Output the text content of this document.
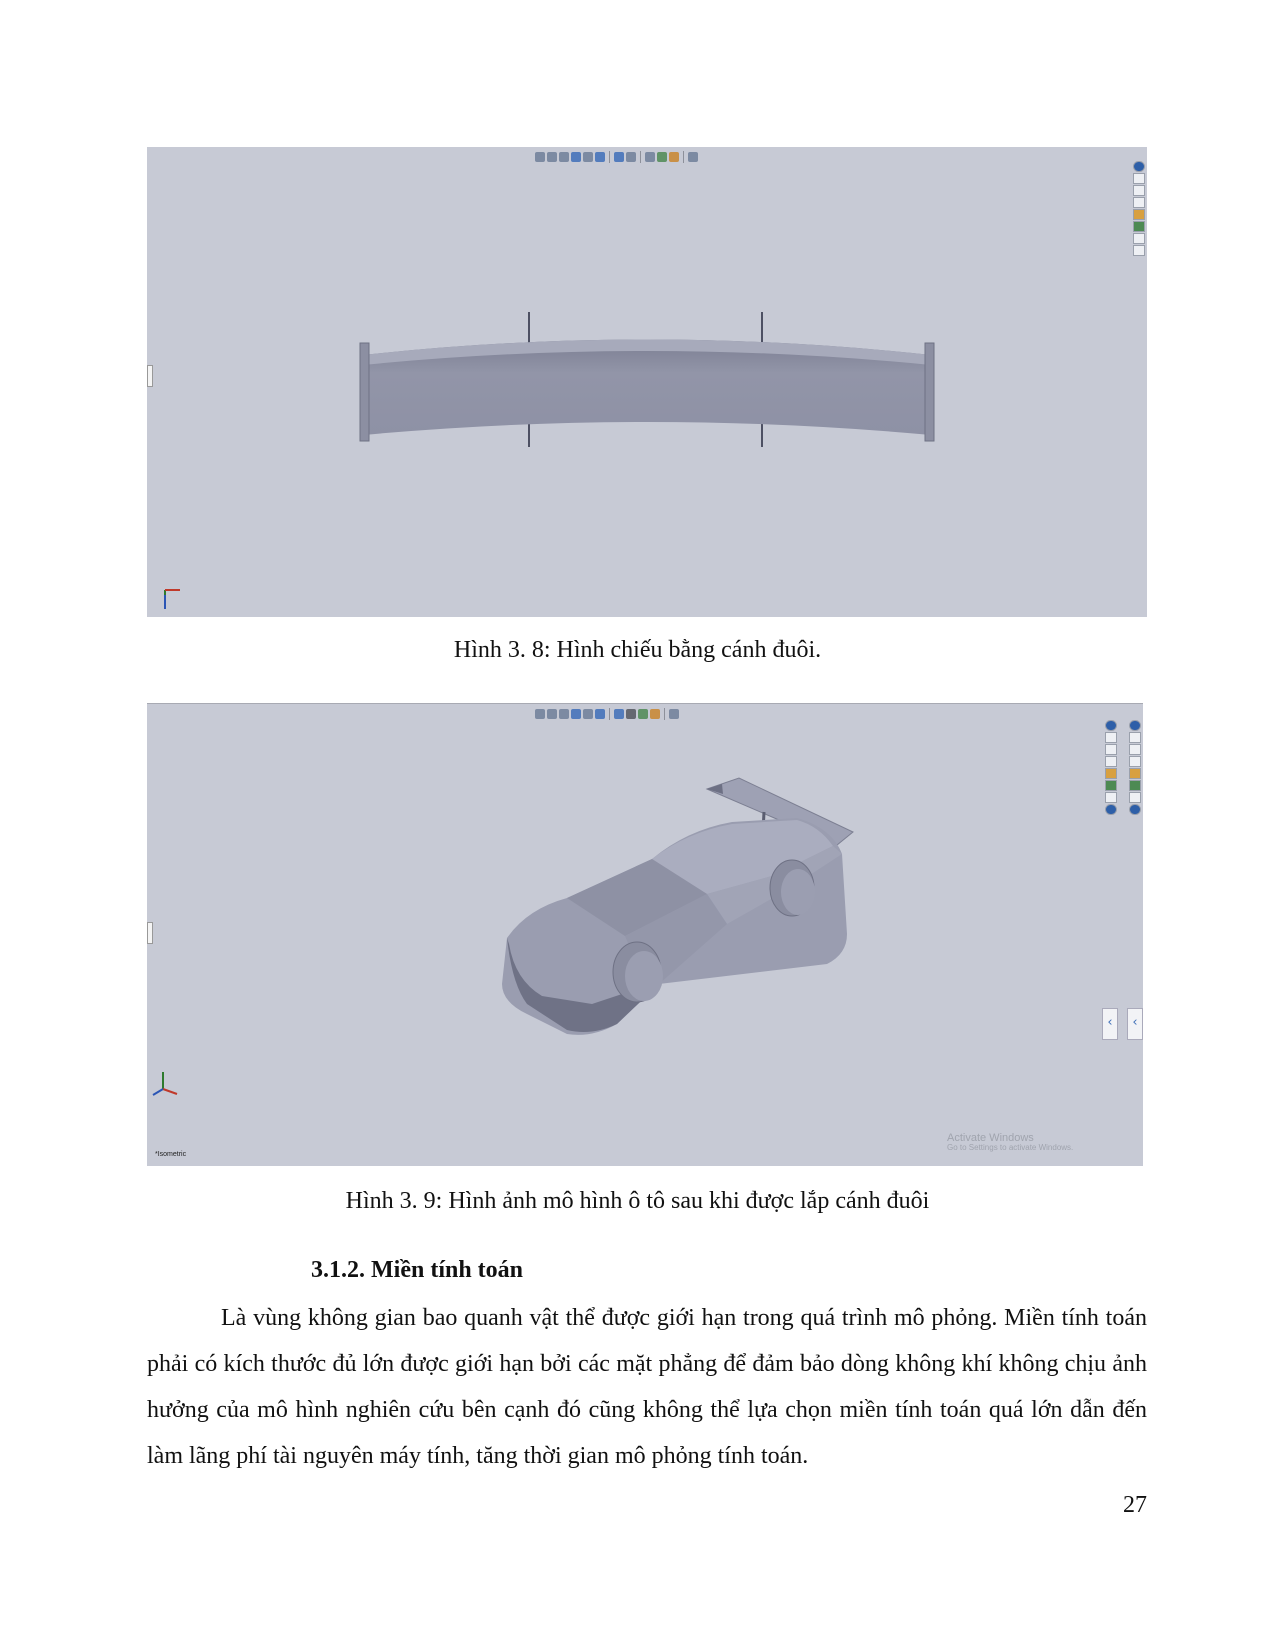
Hình 3. 8: Hình chiếu bằng cánh đuôi.
‹	‹
*Isometric
Activate Windows
Go to Settings to activate Windows.
Hình 3. 9: Hình ảnh mô hình ô tô sau khi được lắp cánh đuôi
3.1.2. Miền tính toán
Là vùng không gian bao quanh vật thể được giới hạn trong quá trình mô phỏng. Miền tính toán phải có kích thước đủ lớn được giới hạn bởi các mặt phẳng để đảm bảo dòng không khí không chịu ảnh hưởng của mô hình nghiên cứu bên cạnh đó cũng không thể lựa chọn miền tính toán quá lớn dẫn đến làm lãng phí tài nguyên máy tính, tăng thời gian mô phỏng tính toán.
27
